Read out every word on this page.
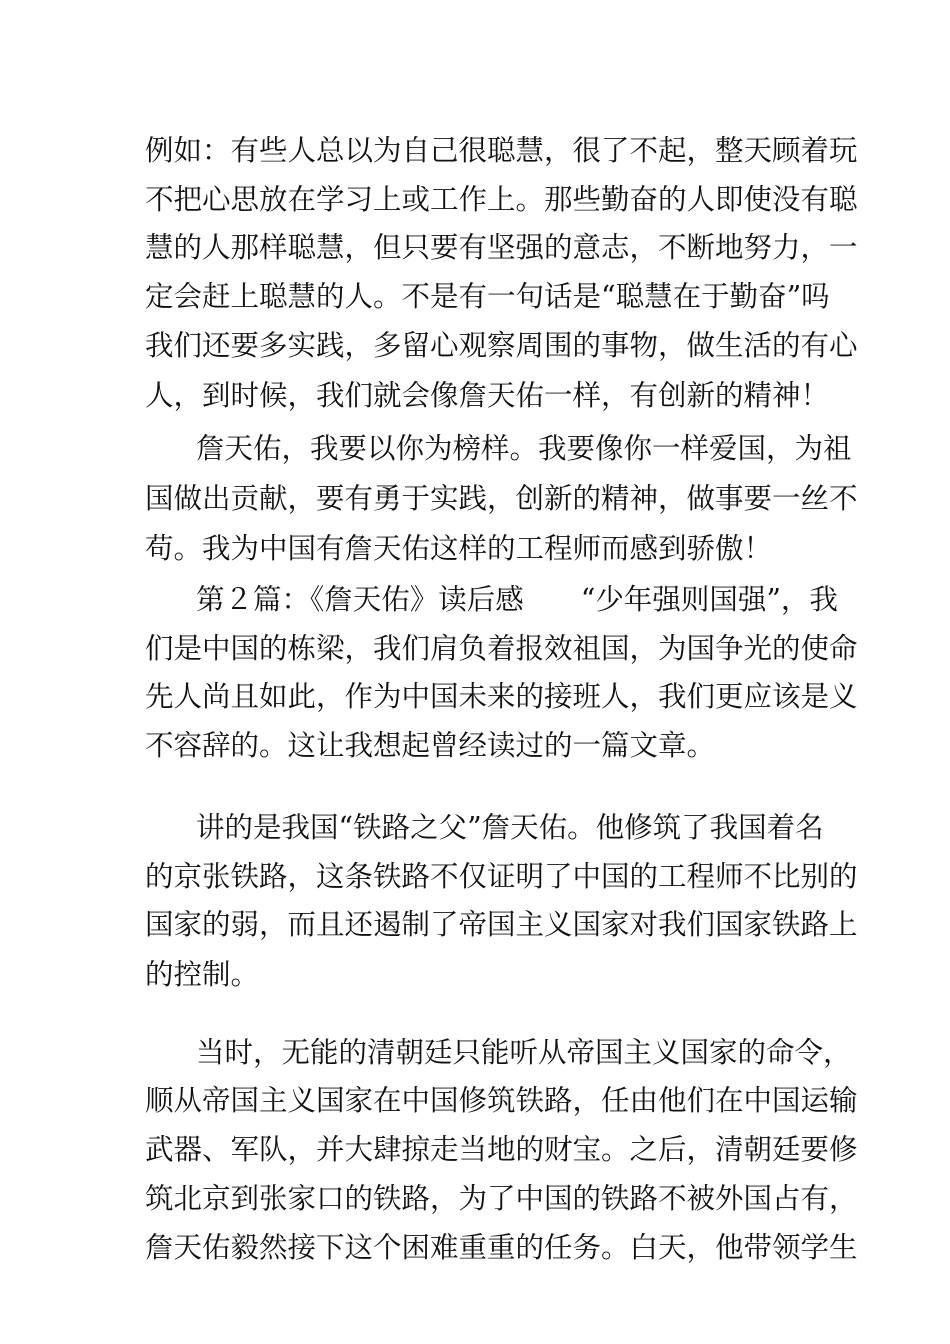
例如：有些人总以为自己很聪慧，很了不起，整天顾着玩
不把心思放在学习上或工作上。那些勤奋的人即使没有聪
慧的人那样聪慧，但只要有坚强的意志，不断地努力，一
定会赶上聪慧的人。不是有一句话是“聪慧在于勤奋”吗
我们还要多实践，多留心观察周围的事物，做生活的有心
人，到时候，我们就会像詹天佑一样，有创新的精神！
詹天佑，我要以你为榜样。我要像你一样爱国，为祖
国做出贡献，要有勇于实践，创新的精神，做事要一丝不
苟。我为中国有詹天佑这样的工程师而感到骄傲！
第２篇：《詹天佑》读后感　　“少年强则国强”，我
们是中国的栋梁，我们肩负着报效祖国，为国争光的使命
先人尚且如此，作为中国未来的接班人，我们更应该是义
不容辞的。这让我想起曾经读过的一篇文章。
讲的是我国“铁路之父”詹天佑。他修筑了我国着名
的京张铁路，这条铁路不仅证明了中国的工程师不比别的
国家的弱，而且还遏制了帝国主义国家对我们国家铁路上
的控制。
当时，无能的清朝廷只能听从帝国主义国家的命令，
顺从帝国主义国家在中国修筑铁路，任由他们在中国运输
武器、军队，并大肆掠走当地的财宝。之后，清朝廷要修
筑北京到张家口的铁路，为了中国的铁路不被外国占有，
詹天佑毅然接下这个困难重重的任务。白天，他带领学生
